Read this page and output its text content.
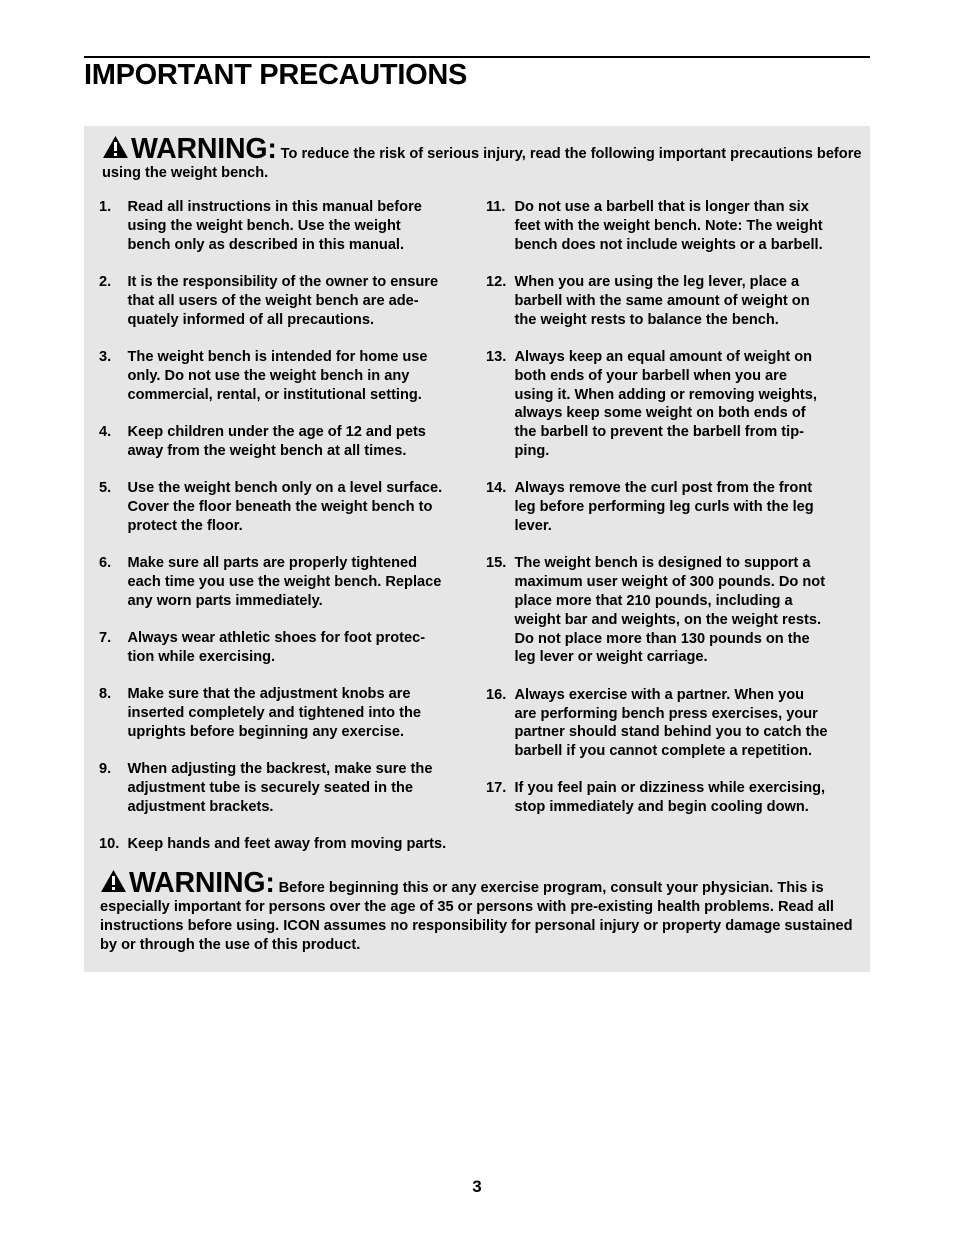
IMPORTANT PRECAUTIONS
WARNING: To reduce the risk of serious injury, read the following important precautions before using the weight bench.
1.	Read all instructions in this manual before
using the weight bench. Use the weight
bench only as described in this manual.
2.	It is the responsibility of the owner to ensure
that all users of the weight bench are ade-
quately informed of all precautions.
3.	The weight bench is intended for home use
only. Do not use the weight bench in any
commercial, rental, or institutional setting.
4.	Keep children under the age of 12 and pets
away from the weight bench at all times.
5.	Use the weight bench only on a level surface.
Cover the floor beneath the weight bench to
protect the floor.
6.	Make sure all parts are properly tightened
each time you use the weight bench. Replace
any worn parts immediately.
7.	Always wear athletic shoes for foot protec-
tion while exercising.
8.	Make sure that the adjustment knobs are
inserted completely and tightened into the
uprights before beginning any exercise.
9.	When adjusting the backrest, make sure the
adjustment tube is securely seated in the
adjustment brackets.
10. Keep hands and feet away from moving parts.
11. Do not use a barbell that is longer than six
feet with the weight bench. Note: The weight
bench does not include weights or a barbell.
12. When you are using the leg lever, place a
barbell with the same amount of weight on
the weight rests to balance the bench.
13. Always keep an equal amount of weight on
both ends of your barbell when you are
using it. When adding or removing weights,
always keep some weight on both ends of
the barbell to prevent the barbell from tip-
ping.
14. Always remove the curl post from the front
leg before performing leg curls with the leg
lever.
15. The weight bench is designed to support a
maximum user weight of 300 pounds. Do not
place more that 210 pounds, including a
weight bar and weights, on the weight rests.
Do not place more than 130 pounds on the
leg lever or weight carriage.
16. Always exercise with a partner. When you
are performing bench press exercises, your
partner should stand behind you to catch the
barbell if you cannot complete a repetition.
17. If you feel pain or dizziness while exercising,
stop immediately and begin cooling down.
WARNING: Before beginning this or any exercise program, consult your physician. This is especially important for persons over the age of 35 or persons with pre-existing health problems. Read all instructions before using. ICON assumes no responsibility for personal injury or property damage sustained by or through the use of this product.
3
